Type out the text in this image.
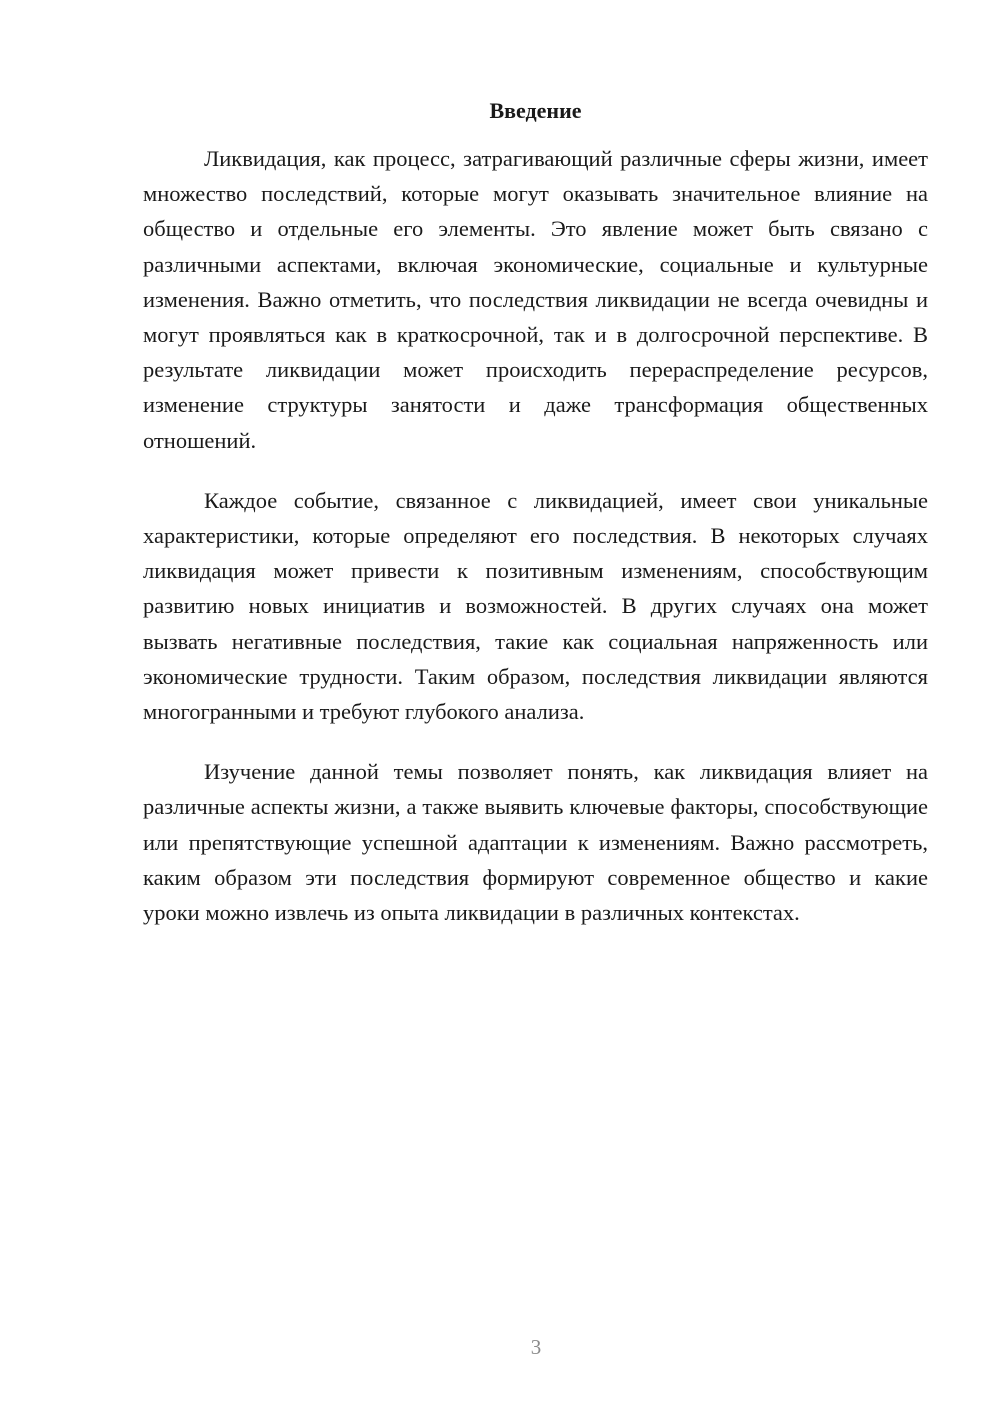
Введение

Ликвидация, как процесс, затрагивающий различные сферы жизни, имеет множество последствий, которые могут оказывать значительное влияние на общество и отдельные его элементы. Это явление может быть связано с различными аспектами, включая экономические, социальные и культурные изменения. Важно отметить, что последствия ликвидации не всегда очевидны и могут проявляться как в краткосрочной, так и в долгосрочной перспективе. В результате ликвидации может происходить перераспределение ресурсов, изменение структуры занятости и даже трансформация общественных отношений.

Каждое событие, связанное с ликвидацией, имеет свои уникальные характеристики, которые определяют его последствия. В некоторых случаях ликвидация может привести к позитивным изменениям, способствующим развитию новых инициатив и возможностей. В других случаях она может вызвать негативные последствия, такие как социальная напряженность или экономические трудности. Таким образом, последствия ликвидации являются многогранными и требуют глубокого анализа.

Изучение данной темы позволяет понять, как ликвидация влияет на различные аспекты жизни, а также выявить ключевые факторы, способствующие или препятствующие успешной адаптации к изменениям. Важно рассмотреть, каким образом эти последствия формируют современное общество и какие уроки можно извлечь из опыта ликвидации в различных контекстах.

3
